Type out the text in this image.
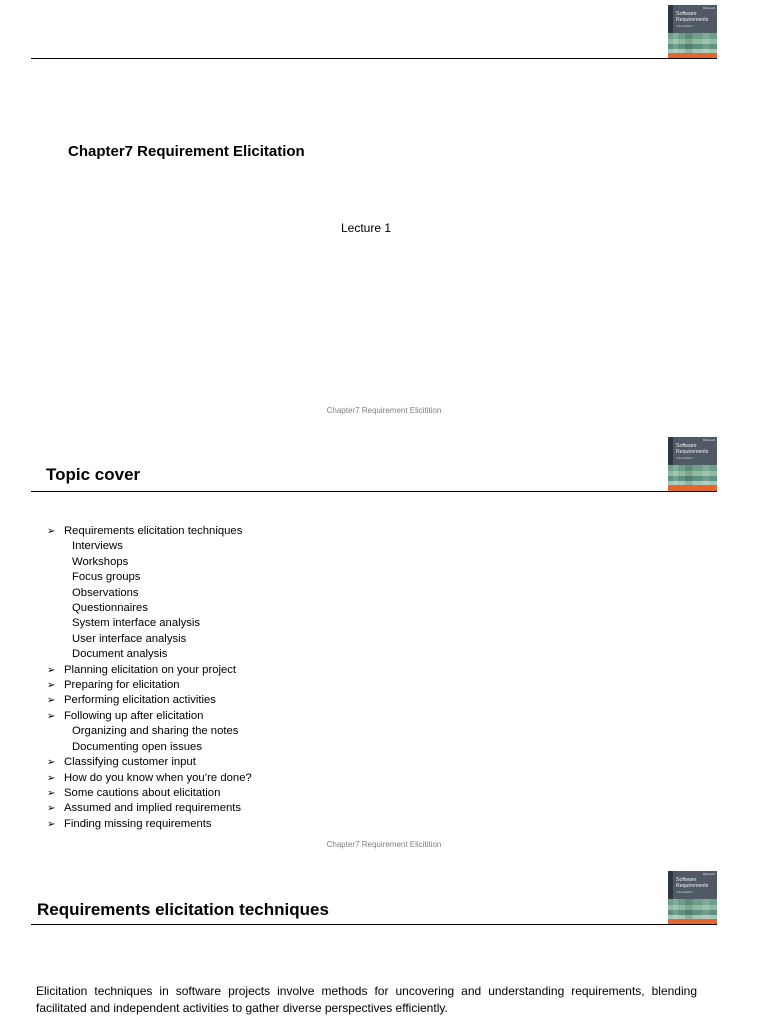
Microsoft
Software
Requirements
Third Edition
Chapter7 Requirement Elicitation
Lecture 1
Chapter7 Requirement Elicitition
Microsoft
Software
Requirements
Third Edition
Topic cover
➢ Requirements elicitation techniques
Interviews
Workshops
Focus groups
Observations
Questionnaires
System interface analysis
User interface analysis
Document analysis
➢ Planning elicitation on your project
➢ Preparing for elicitation
➢ Performing elicitation activities
➢ Following up after elicitation
Organizing and sharing the notes
Documenting open issues
➢ Classifying customer input
➢ How do you know when you’re done?
➢ Some cautions about elicitation
➢ Assumed and implied requirements
➢ Finding missing requirements
Chapter7 Requirement Elicitition
Microsoft
Software
Requirements
Third Edition
Requirements elicitation techniques

Elicitation techniques in software projects involve methods for uncovering and understanding requirements, blending facilitated and independent activities to gather diverse perspectives efficiently.
